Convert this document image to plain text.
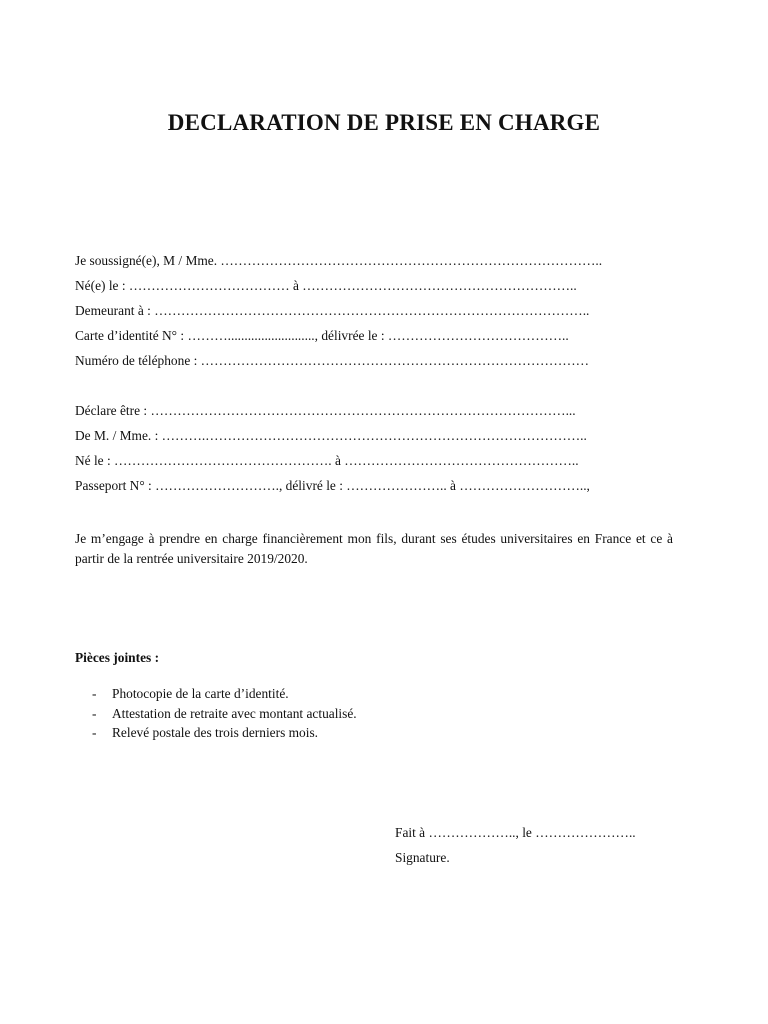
DECLARATION DE PRISE EN CHARGE
Je soussigné(e), M / Mme. …………………………………………………………………………..
Né(e) le : ……………………………… à ……………………………………………………..
Demeurant à : ……………………………………………………………………………………..
Carte d’identité N° : ……….........................., délivrée le : …………………………………..
Numéro de téléphone : ……………………………………………………………………………
Déclare être : …………………………………………………………………………………...
De M. / Mme. : ……….…………………………………………………………………………..
Né le : …………………………………………. à ……………………………………………..
Passeport N° : ………………………., délivré le : ………………….. à ………………………..,
Je m’engage à prendre en charge financièrement mon fils, durant ses études universitaires en France et ce à partir de la rentrée universitaire 2019/2020.
Pièces jointes :
- Photocopie de la carte d’identité.
- Attestation de retraite avec montant actualisé.
- Relevé postale des trois derniers mois.
Fait à ……………….., le …………………..
Signature.
